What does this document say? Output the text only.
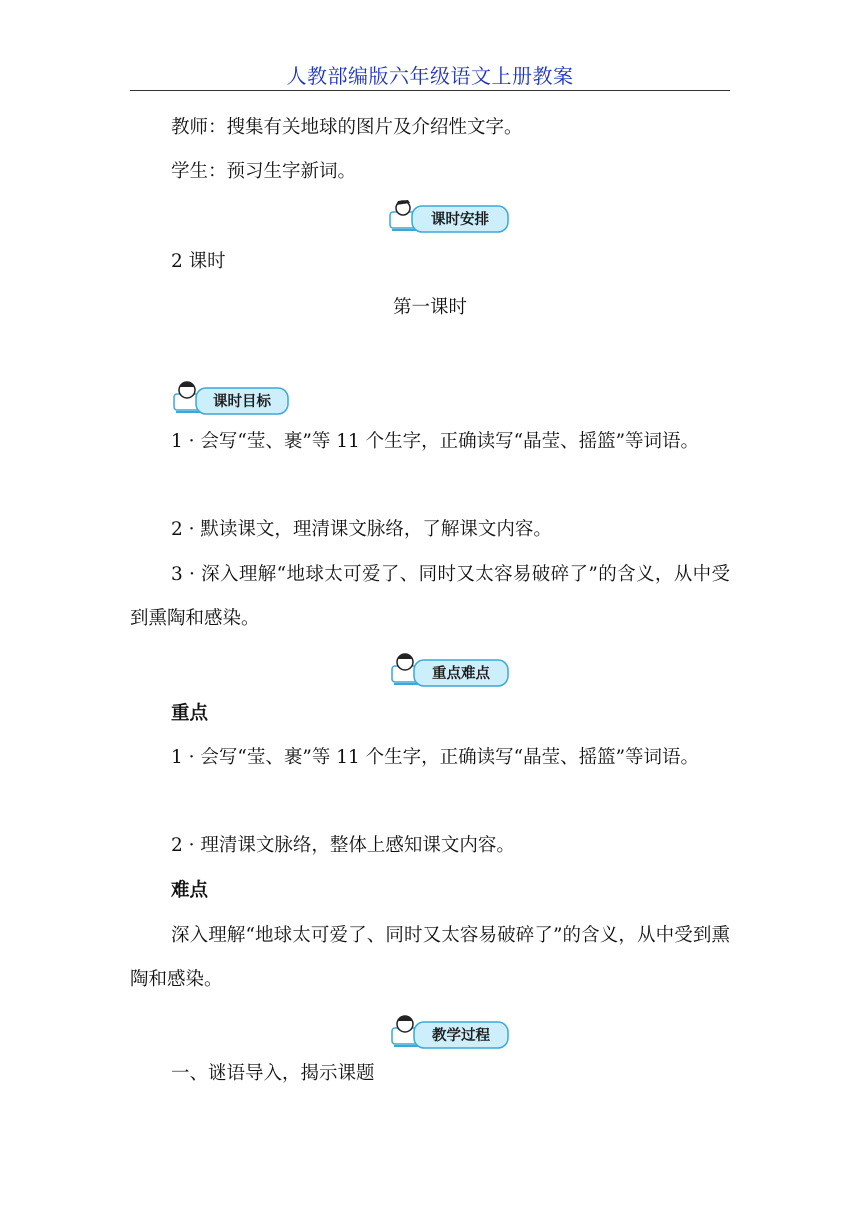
人教部编版六年级语文上册教案

教师：搜集有关地球的图片及介绍性文字。

学生：预习生字新词。

课时安排

2 课时

第一课时
课时目标

1 · 会写“莹、裹”等 11 个生字，正确读写“晶莹、摇篮”等词语。

2 · 默读课文，理清课文脉络，了解课文内容。

3 · 深入理解“地球太可爱了、同时又太容易破碎了”的含义，从中受到熏陶和感染。

重点难点

重点

1 · 会写“莹、裹”等 11 个生字，正确读写“晶莹、摇篮”等词语。

2 · 理清课文脉络，整体上感知课文内容。

难点

深入理解“地球太可爱了、同时又太容易破碎了”的含义，从中受到熏陶和感染。

教学过程

一、谜语导入，揭示课题
